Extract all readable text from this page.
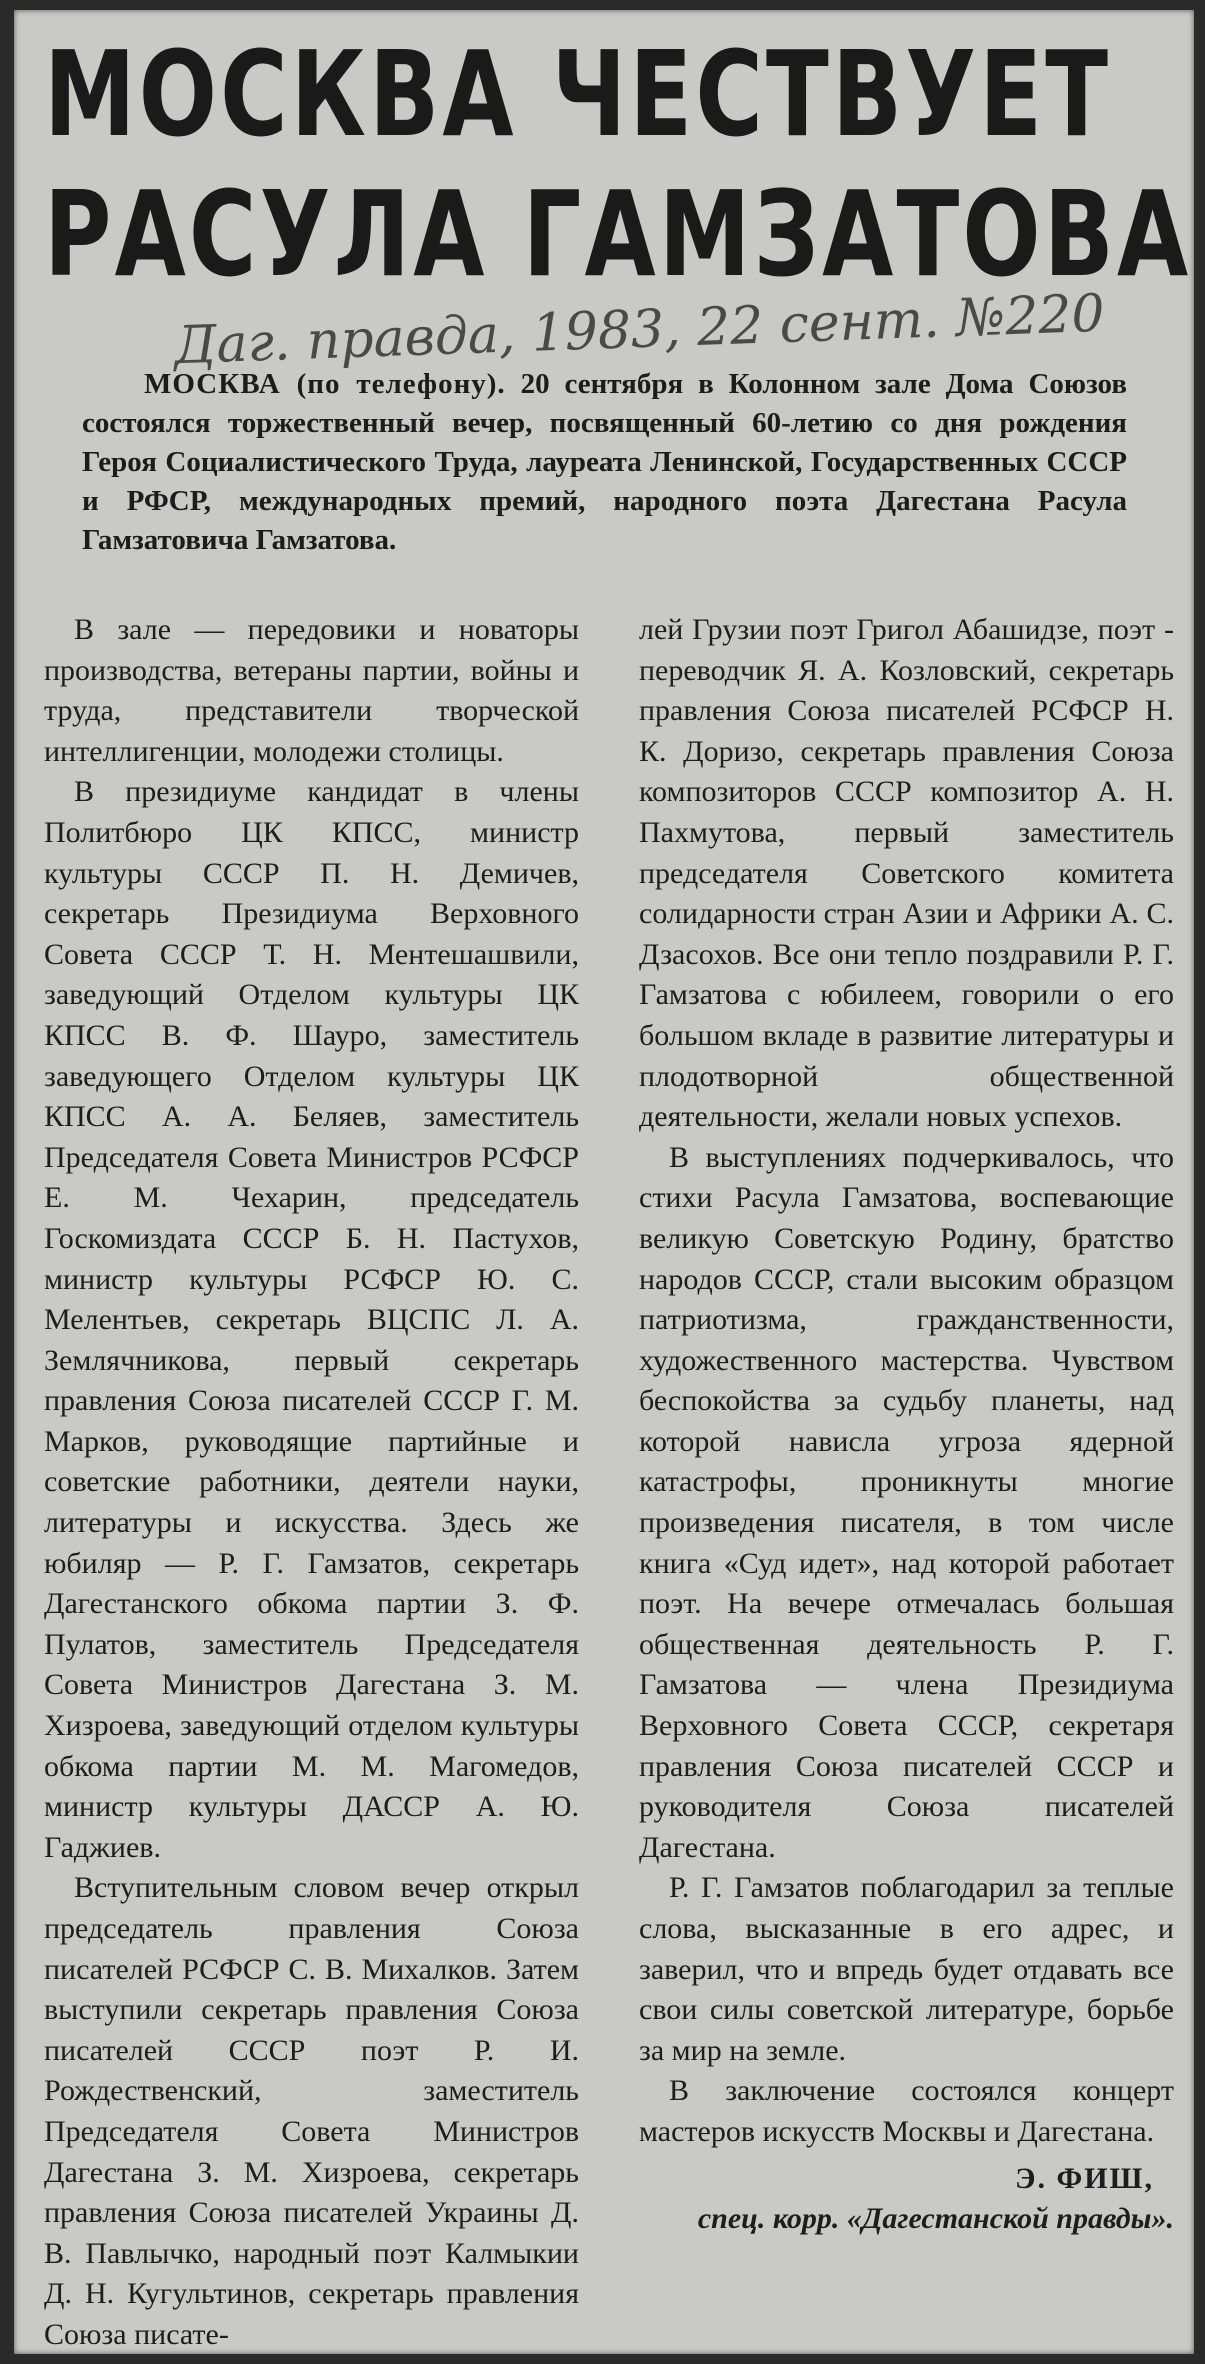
МОСКВА ЧЕСТВУЕТ
РАСУЛА ГАМЗАТОВА
Даг. правда, 1983, 22 сент. №220
МОСКВА (по телефону). 20 сентября в Колонном зале Дома Союзов состоялся торжественный вечер, посвященный 60-летию со дня рождения Героя Социалистического Труда, лауреата Ленинской, Государственных СССР и РФСР, международных премий, народного поэта Дагестана Расула Гамзатовича Гамзатова.

В зале — передовики и новаторы производства, ветераны партии, войны и труда, представители творческой интеллигенции, молодежи столицы.

В президиуме кандидат в члены Политбюро ЦК КПСС, министр культуры СССР П. Н. Демичев, секретарь Президиума Верховного Совета СССР Т. Н. Ментешашвили, заведующий Отделом культуры ЦК КПСС В. Ф. Шауро, заместитель заведующего Отделом культуры ЦК КПСС А. А. Беляев, заместитель Председателя Совета Министров РСФСР Е. М. Чехарин, председатель Госкомиздата СССР Б. Н. Пастухов, министр культуры РСФСР Ю. С. Мелентьев, секретарь ВЦСПС Л. А. Землячникова, первый секретарь правления Союза писателей СССР Г. М. Марков, руководящие партийные и советские работники, деятели науки, литературы и искусства. Здесь же юбиляр — Р. Г. Гамзатов, секретарь Дагестанского обкома партии З. Ф. Пулатов, заместитель Председателя Совета Министров Дагестана З. М. Хизроева, заведующий отделом культуры обкома партии М. М. Магомедов, министр культуры ДАССР А. Ю. Гаджиев.

Вступительным словом вечер открыл председатель правления Союза писателей РСФСР С. В. Михалков. Затем выступили секретарь правления Союза писателей СССР поэт Р. И. Рождественский, заместитель Председателя Совета Министров Дагестана З. М. Хизроева, секретарь правления Союза писателей Украины Д. В. Павлычко, народный поэт Калмыкии Д. Н. Кугультинов, секретарь правления Союза писате-

лей Грузии поэт Григол Абашидзе, поэт - переводчик Я. А. Козловский, секретарь правления Союза писателей РСФСР Н. К. Доризо, секретарь правления Союза композиторов СССР композитор А. Н. Пахмутова, первый заместитель председателя Советского комитета солидарности стран Азии и Африки А. С. Дзасохов. Все они тепло поздравили Р. Г. Гамзатова с юбилеем, говорили о его большом вкладе в развитие литературы и плодотворной общественной деятельности, желали новых успехов.

В выступлениях подчеркивалось, что стихи Расула Гамзатова, воспевающие великую Советскую Родину, братство народов СССР, стали высоким образцом патриотизма, гражданственности, художественного мастерства. Чувством беспокойства за судьбу планеты, над которой нависла угроза ядерной катастрофы, проникнуты многие произведения писателя, в том числе книга «Суд идет», над которой работает поэт. На вечере отмечалась большая общественная деятельность Р. Г. Гамзатова — члена Президиума Верховного Совета СССР, секретаря правления Союза писателей СССР и руководителя Союза писателей Дагестана.

Р. Г. Гамзатов поблагодарил за теплые слова, высказанные в его адрес, и заверил, что и впредь будет отдавать все свои силы советской литературе, борьбе за мир на земле.

В заключение состоялся концерт мастеров искусств Москвы и Дагестана.

Э. ФИШ,
спец. корр. «Дагестанской правды».
